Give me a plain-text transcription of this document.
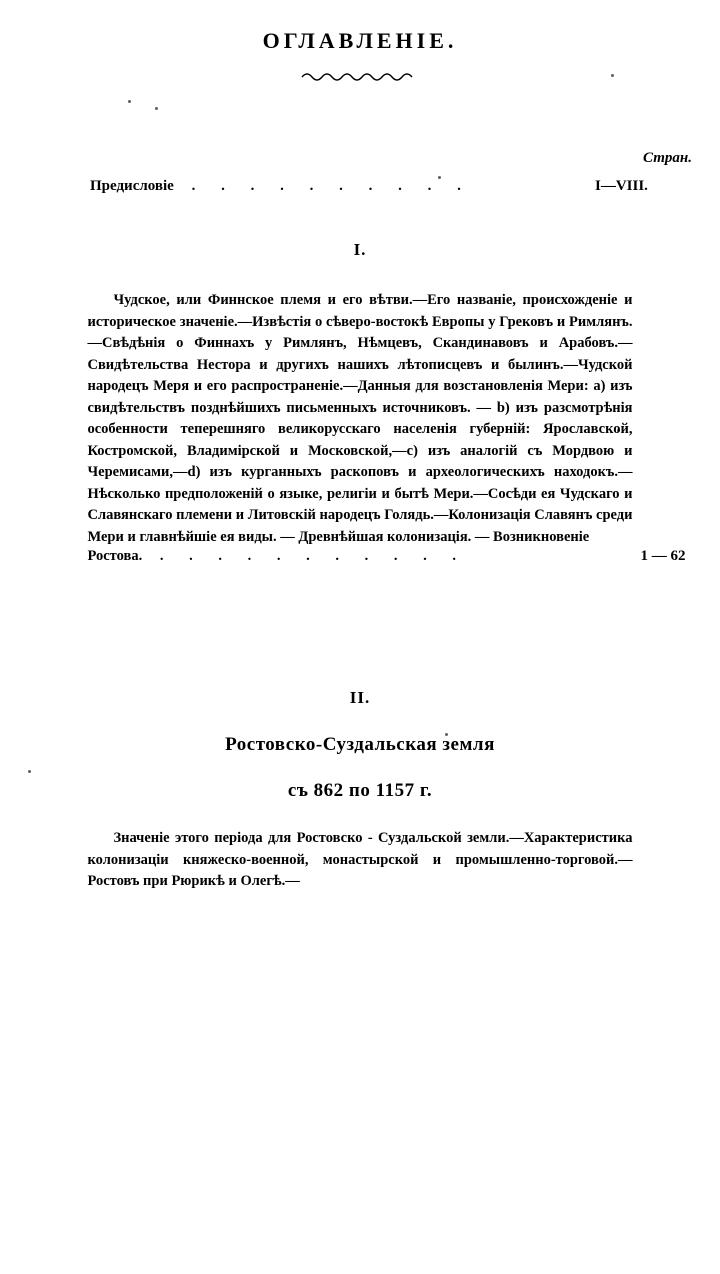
ОГЛАВЛЕНІЕ.
Стран.
Предисловіе . . . . . . . . . .	I—VIII.
I.
Чудское, или Финнское племя и его вѣтви.—Его названіе, происхожденіе и историческое значеніе.—Извѣстія о сѣверо-востокѣ Европы у Грековъ и Римлянъ.—Свѣдѣнія о Финнахъ у Римлянъ, Нѣмцевъ, Скандинавовъ и Арабовъ.—Свидѣтельства Нестора и другихъ нашихъ лѣтописцевъ и былинъ.—Чудской народецъ Меря и его распространеніе.—Данныя для возстановленія Мери: a) изъ свидѣтельствъ позднѣйшихъ письменныхъ источниковъ. — b) изъ разсмотрѣнія особенности теперешняго великорусскаго населенія губерній: Ярославской, Костромской, Владимірской и Московской,—c) изъ аналогій съ Мордвою и Черемисами,—d) изъ курганныхъ раскоповъ и археологическихъ находокъ.—Нѣсколько предположеній о языке, религіи и бытѣ Мери.—Сосѣди ея Чудскаго и Славянскаго племени и Литовскій народецъ Голядь.—Колонизація Славянъ среди Мери и главнѣйшіе ея виды. — Древнѣйшая колонизація. — Возникновеніе
Ростова. . . . . . . . . . . .	1 — 62
II.
Ростовско-Суздальская земля
съ 862 по 1157 г.
Значеніе этого періода для Ростовско - Суздальской земли.—Характеристика колонизаціи княжеско-военной, монастырской и промышленно-торговой.—Ростовъ при Рюрикѣ и Олегѣ.—
